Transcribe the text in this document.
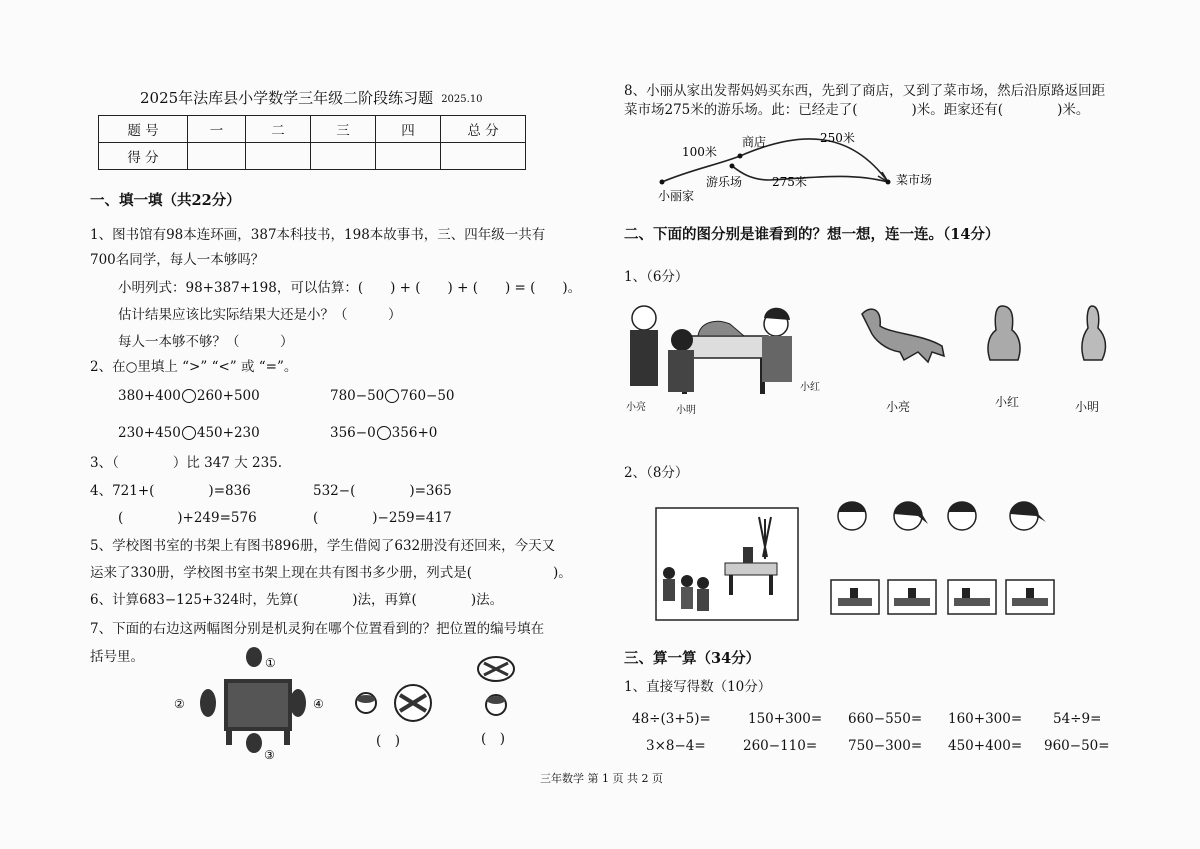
2025年法库县小学数学三年级二阶段练习题 2025.10
题 号	一	二	三	四	总 分
得 分					
一、填一填（共22分）
1、图书馆有98本连环画，387本科技书，198本故事书，三、四年级一共有
700名同学，每人一本够吗？
小明列式：98+387+198，可以估算：(　　) + (　　) + (　　) = (　　)。
估计结果应该比实际结果大还是小？（　　　）
每人一本够不够？（　　　）
2、在○里填上 “>” “<” 或 “=”。
380+400 260+500	780−50 760−50
230+450 450+230	356−0 356+0
3、（　　　　）比 347 大 235.
4、721+(　　　　)=836	532−(　　　　)=365
(　　　　)+249=576	(　　　　)−259=417
5、学校图书室的书架上有图书896册，学生借阅了632册没有还回来，今天又
运来了330册，学校图书室书架上现在共有图书多少册，列式是(　　　　　　)。
6、计算683−125+324时，先算(　　　　)法，再算(　　　　)法。
7、下面的右边这两幅图分别是机灵狗在哪个位置看到的？把位置的编号填在
括号里。	①
②
③
④
(　)	(　)
8、小丽从家出发帮妈妈买东西，先到了商店，又到了菜市场，然后沿原路返回距
菜市场275米的游乐场。此：已经走了(　　　　)米。距家还有(　　　　)米。
100米
250米
275米
商店
游乐场
小丽家
菜市场
二、下面的图分别是谁看到的？想一想，连一连。（14分）
1、（6分）
小亮	小明
小红
小亮	小红	小明
2、（8分）
三、算一算（34分）
1、直接写得数（10分）
48÷(3+5)=	150+300= 660−550= 160+300= 54÷9=
3×8−4=	260−110= 750−300= 450+400= 960−50=
三年数学 第 1 页 共 2 页
